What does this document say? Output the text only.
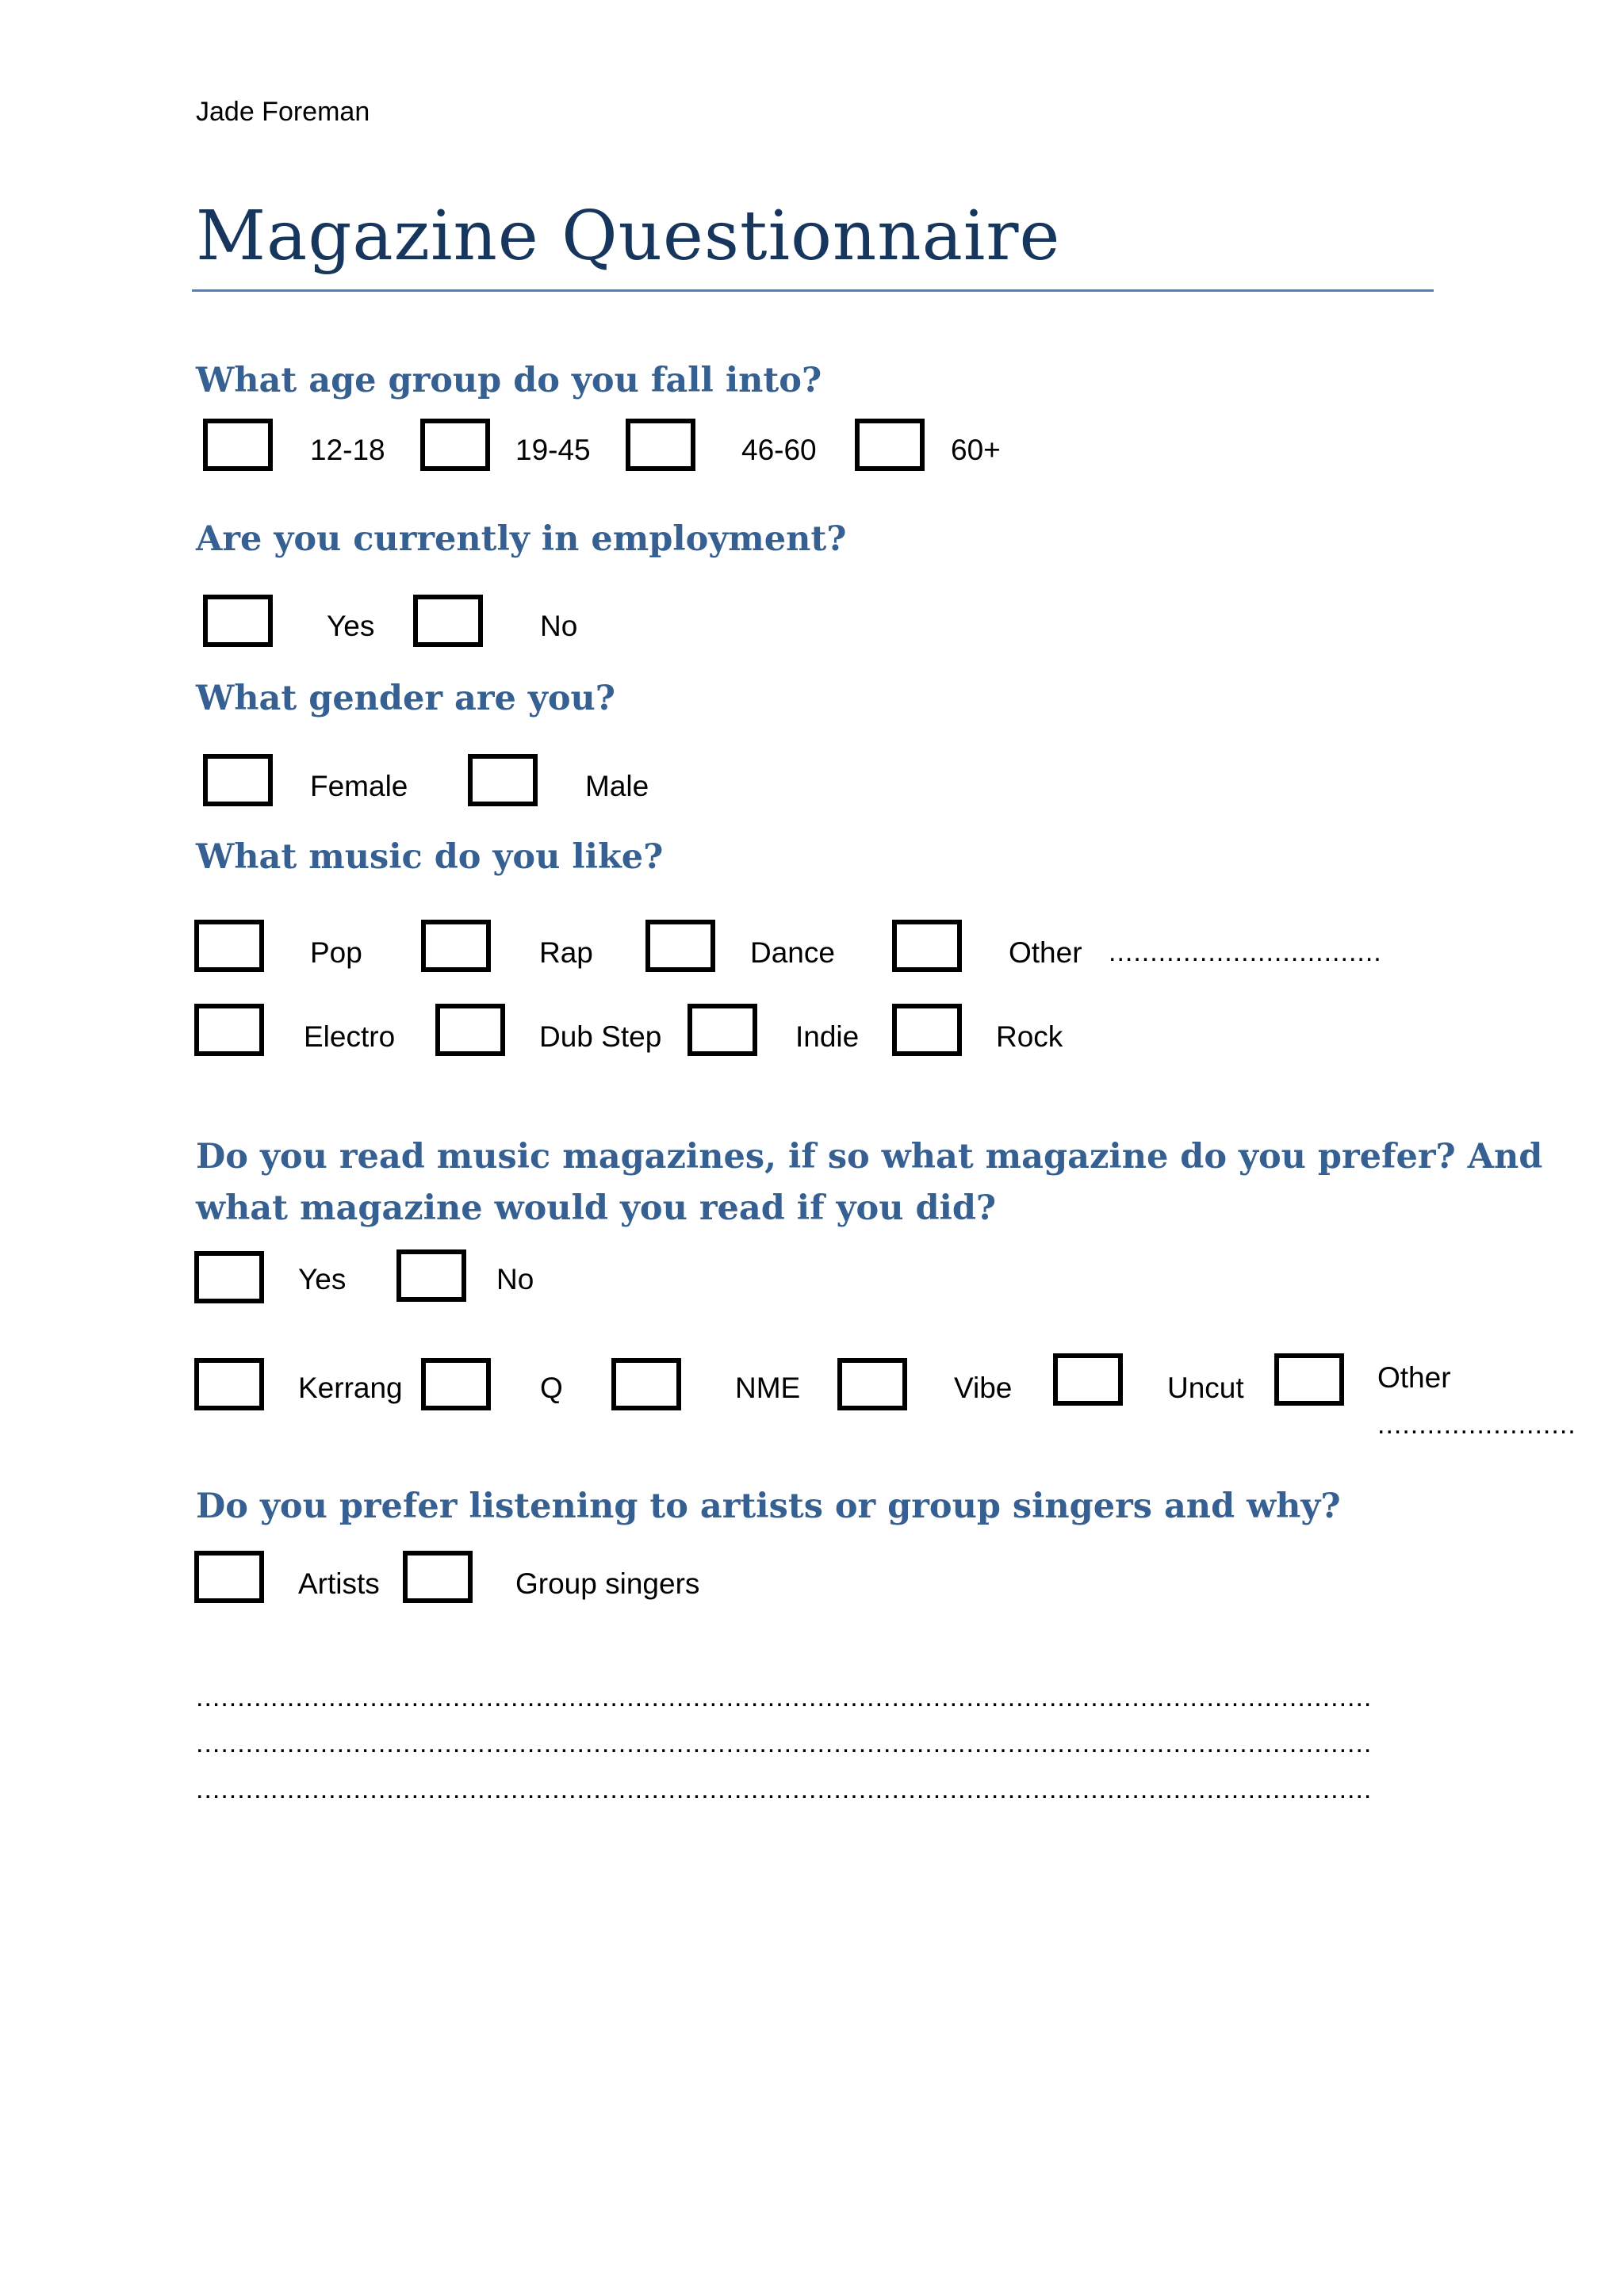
Jade Foreman
Magazine Questionnaire
What age group do you fall into?
12-18	19-45	46-60	60+
Are you currently in employment?
Yes	No
What gender are you?
Female	Male
What music do you like?
Pop	Rap	Dance	Other .................................
Electro	Dub Step	Indie	Rock
Do you read music magazines, if so what magazine do you prefer? And
what magazine would you read if you did?
Yes	No
Kerrang	Q	NME	Vibe	Uncut	Other
........................
Do you prefer listening to artists or group singers and why?
Artists	Group singers
..............................................................................................................................................
..............................................................................................................................................
..............................................................................................................................................
